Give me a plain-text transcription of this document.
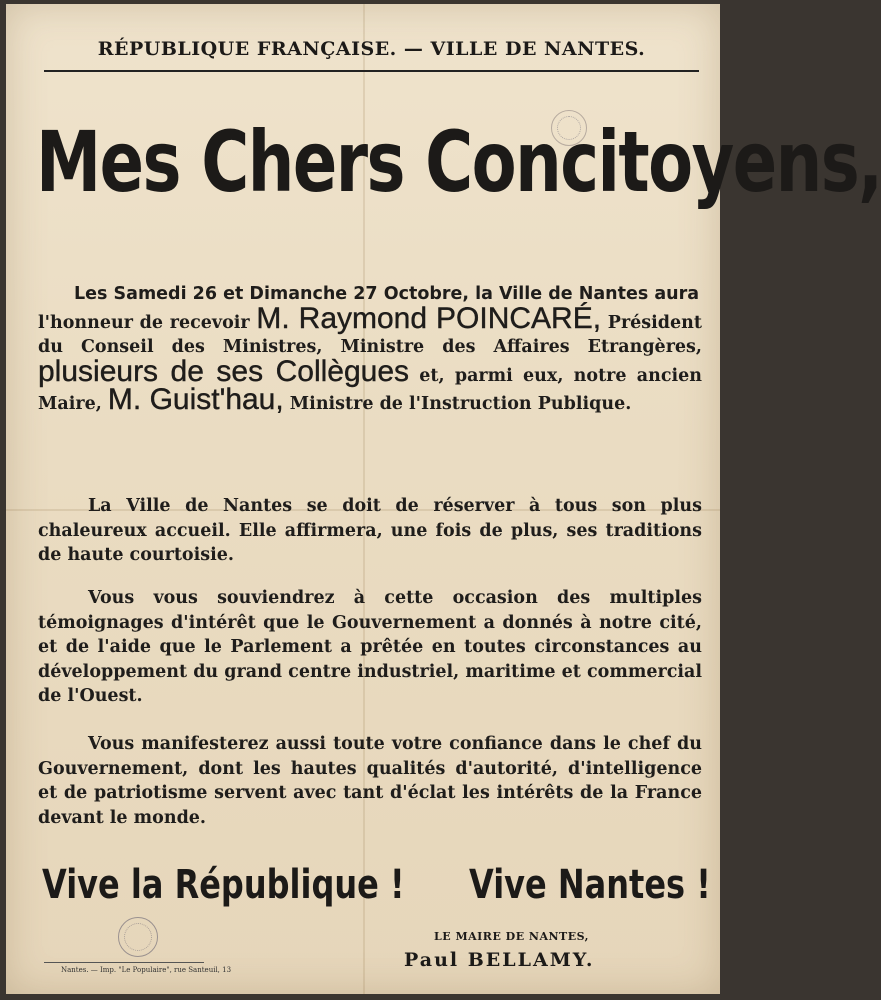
RÉPUBLIQUE FRANÇAISE. — VILLE DE NANTES.
Mes Chers Concitoyens,
Les Samedi 26 et Dimanche 27 Octobre, la Ville de Nantes aura
l'honneur de recevoir M. Raymond POINCARÉ, Président du Conseil des Ministres, Ministre des Affaires Etrangères, plusieurs de ses Collègues et, parmi eux, notre ancien Maire, M. Guist'hau, Ministre de l'Instruction Publique.
La Ville de Nantes se doit de réserver à tous son plus chaleureux accueil. Elle affirmera, une fois de plus, ses traditions de haute courtoisie.
Vous vous souviendrez à cette occasion des multiples témoignages d'intérêt que le Gouvernement a donnés à notre cité, et de l'aide que le Parlement a prêtée en toutes circonstances au développement du grand centre industriel, maritime et commercial de l'Ouest.
Vous manifesterez aussi toute votre confiance dans le chef du Gouvernement, dont les hautes qualités d'autorité, d'intelligence et de patriotisme servent avec tant d'éclat les intérêts de la France devant le monde.
Vive la République ! Vive Nantes !
LE MAIRE DE NANTES,
Paul BELLAMY.
Nantes. — Imp. "Le Populaire", rue Santeuil, 13
